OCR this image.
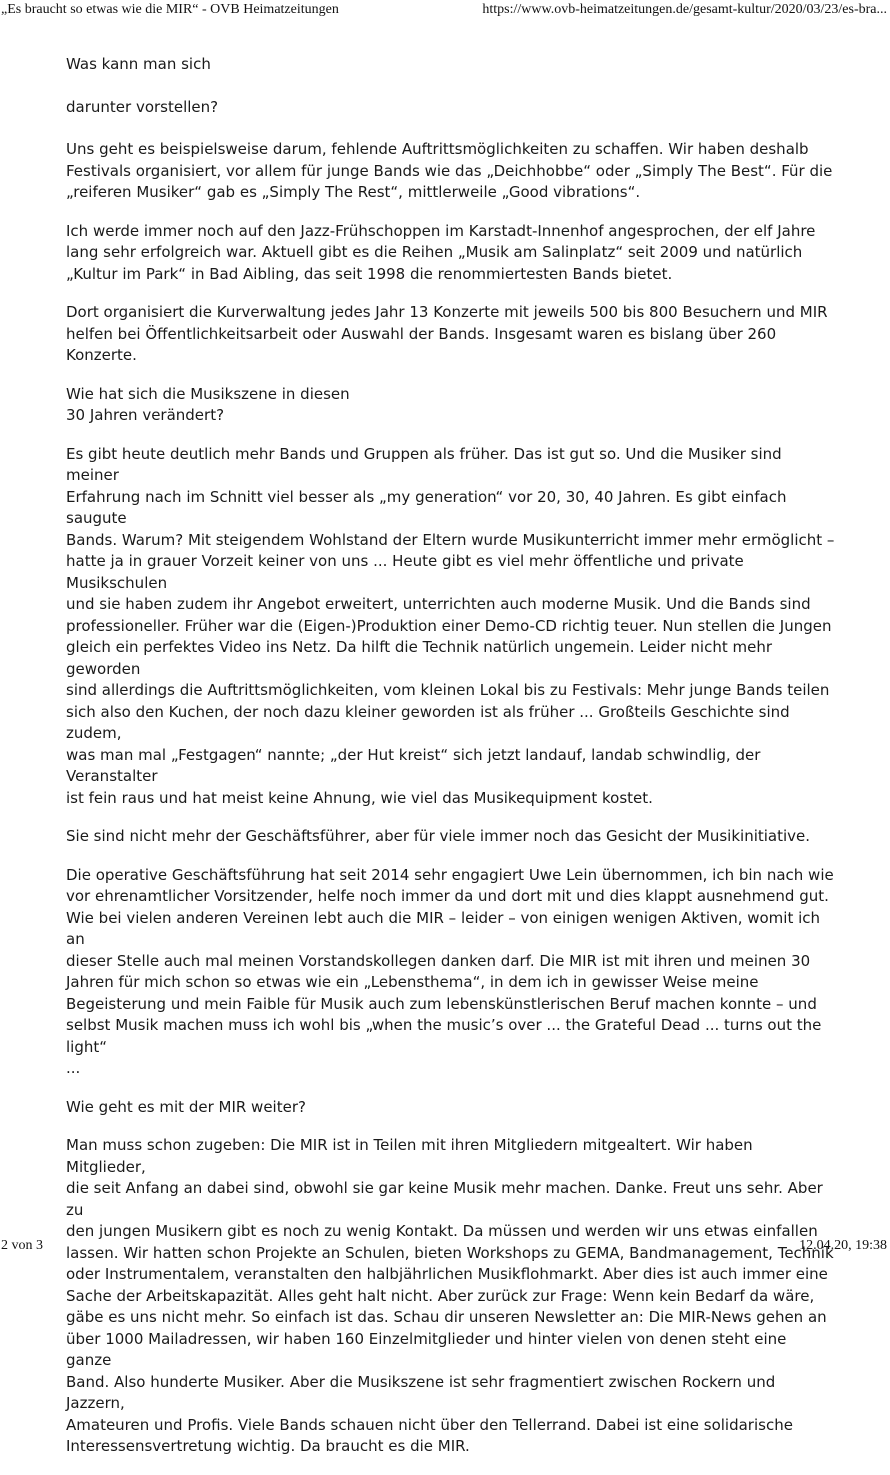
„Es braucht so etwas wie die MIR“ - OVB Heimatzeitungen	https://www.ovb-heimatzeitungen.de/gesamt-kultur/2020/03/23/es-bra...

Was kann man sich

darunter vorstellen?

Uns geht es beispielsweise darum, fehlende Auftrittsmöglichkeiten zu schaffen. Wir haben deshalb
Festivals organisiert, vor allem für junge Bands wie das „Deichhobbe“ oder „Simply The Best“. Für die
„reiferen Musiker“ gab es „Simply The Rest“, mittlerweile „Good vibrations“.

Ich werde immer noch auf den Jazz-Frühschoppen im Karstadt-Innenhof angesprochen, der elf Jahre
lang sehr erfolgreich war. Aktuell gibt es die Reihen „Musik am Salinplatz“ seit 2009 und natürlich
„Kultur im Park“ in Bad Aibling, das seit 1998 die renommiertesten Bands bietet.

Dort organisiert die Kurverwaltung jedes Jahr 13 Konzerte mit jeweils 500 bis 800 Besuchern und MIR
helfen bei Öffentlichkeitsarbeit oder Auswahl der Bands. Insgesamt waren es bislang über 260
Konzerte.

Wie hat sich die Musikszene in diesen
30 Jahren verändert?

Es gibt heute deutlich mehr Bands und Gruppen als früher. Das ist gut so. Und die Musiker sind meiner
Erfahrung nach im Schnitt viel besser als „my generation“ vor 20, 30, 40 Jahren. Es gibt einfach saugute
Bands. Warum? Mit steigendem Wohlstand der Eltern wurde Musikunterricht immer mehr ermöglicht –
hatte ja in grauer Vorzeit keiner von uns ... Heute gibt es viel mehr öffentliche und private Musikschulen
und sie haben zudem ihr Angebot erweitert, unterrichten auch moderne Musik. Und die Bands sind
professioneller. Früher war die (Eigen-)Produktion einer Demo-CD richtig teuer. Nun stellen die Jungen
gleich ein perfektes Video ins Netz. Da hilft die Technik natürlich ungemein. Leider nicht mehr geworden
sind allerdings die Auftrittsmöglichkeiten, vom kleinen Lokal bis zu Festivals: Mehr junge Bands teilen
sich also den Kuchen, der noch dazu kleiner geworden ist als früher ... Großteils Geschichte sind zudem,
was man mal „Festgagen“ nannte; „der Hut kreist“ sich jetzt landauf, landab schwindlig, der Veranstalter
ist fein raus und hat meist keine Ahnung, wie viel das Musikequipment kostet.

Sie sind nicht mehr der Geschäftsführer, aber für viele immer noch das Gesicht der Musikinitiative.

Die operative Geschäftsführung hat seit 2014 sehr engagiert Uwe Lein übernommen, ich bin nach wie
vor ehrenamtlicher Vorsitzender, helfe noch immer da und dort mit und dies klappt ausnehmend gut.
Wie bei vielen anderen Vereinen lebt auch die MIR – leider – von einigen wenigen Aktiven, womit ich an
dieser Stelle auch mal meinen Vorstandskollegen danken darf. Die MIR ist mit ihren und meinen 30
Jahren für mich schon so etwas wie ein „Lebensthema“, in dem ich in gewisser Weise meine
Begeisterung und mein Faible für Musik auch zum lebenskünstlerischen Beruf machen konnte – und
selbst Musik machen muss ich wohl bis „when the music’s over ... the Grateful Dead ... turns out the light“
...

Wie geht es mit der MIR weiter?

Man muss schon zugeben: Die MIR ist in Teilen mit ihren Mitgliedern mitgealtert. Wir haben Mitglieder,
die seit Anfang an dabei sind, obwohl sie gar keine Musik mehr machen. Danke. Freut uns sehr. Aber zu
den jungen Musikern gibt es noch zu wenig Kontakt. Da müssen und werden wir uns etwas einfallen
lassen. Wir hatten schon Projekte an Schulen, bieten Workshops zu GEMA, Bandmanagement, Technik
oder Instrumentalem, veranstalten den halbjährlichen Musikflohmarkt. Aber dies ist auch immer eine
Sache der Arbeitskapazität. Alles geht halt nicht. Aber zurück zur Frage: Wenn kein Bedarf da wäre,
gäbe es uns nicht mehr. So einfach ist das. Schau dir unseren Newsletter an: Die MIR-News gehen an
über 1000 Mailadressen, wir haben 160 Einzelmitglieder und hinter vielen von denen steht eine ganze
Band. Also hunderte Musiker. Aber die Musikszene ist sehr fragmentiert zwischen Rockern und Jazzern,
Amateuren und Profis. Viele Bands schauen nicht über den Tellerrand. Dabei ist eine solidarische
Interessensvertretung wichtig. Da braucht es die MIR.

2 von 3	12.04.20, 19:38
